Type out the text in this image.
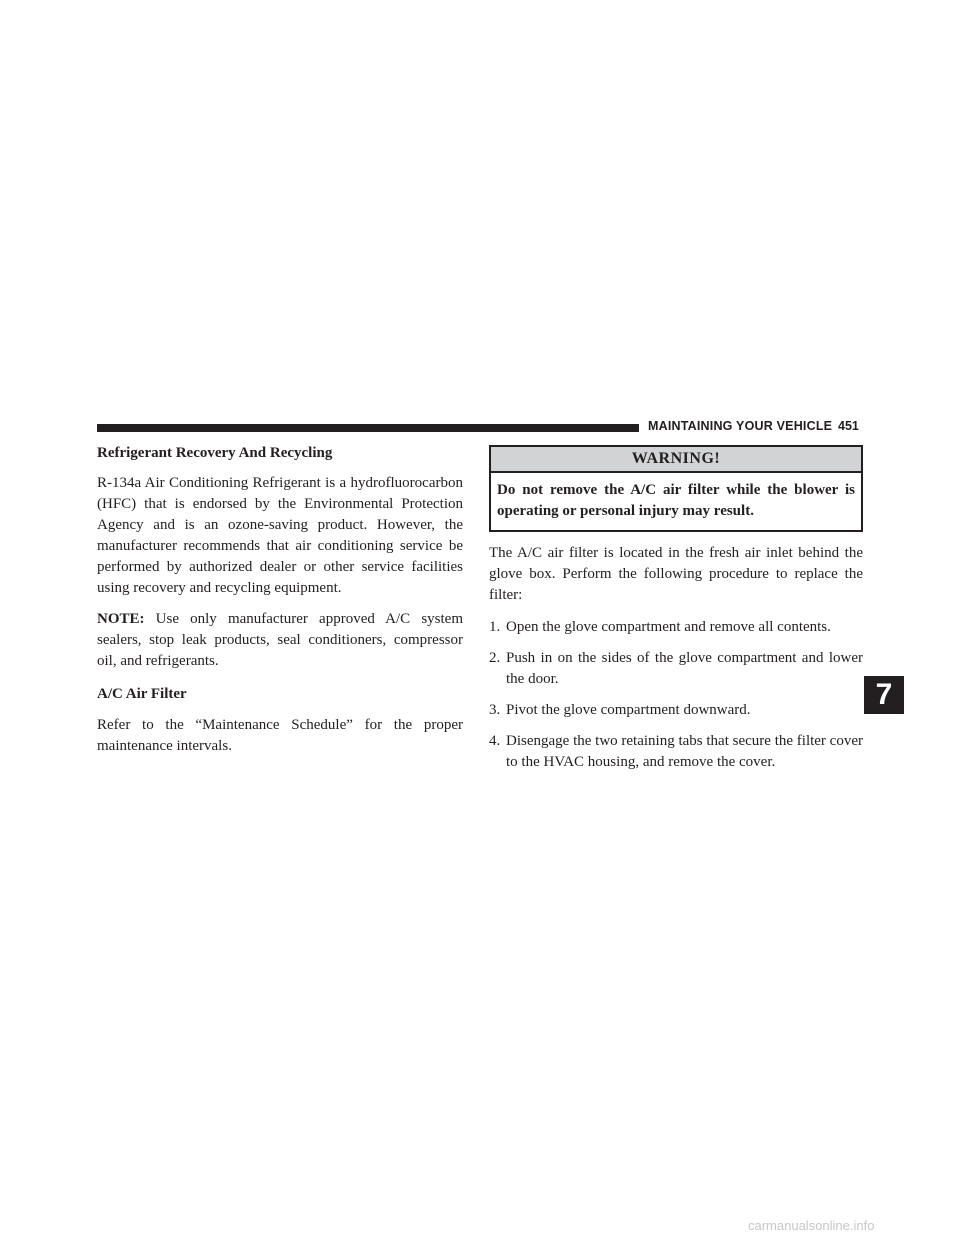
MAINTAINING YOUR VEHICLE 451
Refrigerant Recovery And Recycling

R-134a Air Conditioning Refrigerant is a hydrofluorocarbon (HFC) that is endorsed by the Environmental Protection Agency and is an ozone-saving product. However, the manufacturer recommends that air conditioning service be performed by authorized dealer or other service facilities using recovery and recycling equipment.

NOTE: Use only manufacturer approved A/C system sealers, stop leak products, seal conditioners, compressor oil, and refrigerants.

A/C Air Filter

Refer to the “Maintenance Schedule” for the proper maintenance intervals.

WARNING!
Do not remove the A/C air filter while the blower is operating or personal injury may result.

The A/C air filter is located in the fresh air inlet behind the glove box. Perform the following procedure to replace the filter:

1. Open the glove compartment and remove all contents.
2. Push in on the sides of the glove compartment and lower the door.
3. Pivot the glove compartment downward.
4. Disengage the two retaining tabs that secure the filter cover to the HVAC housing, and remove the cover.
7
carmanualsonline.info
